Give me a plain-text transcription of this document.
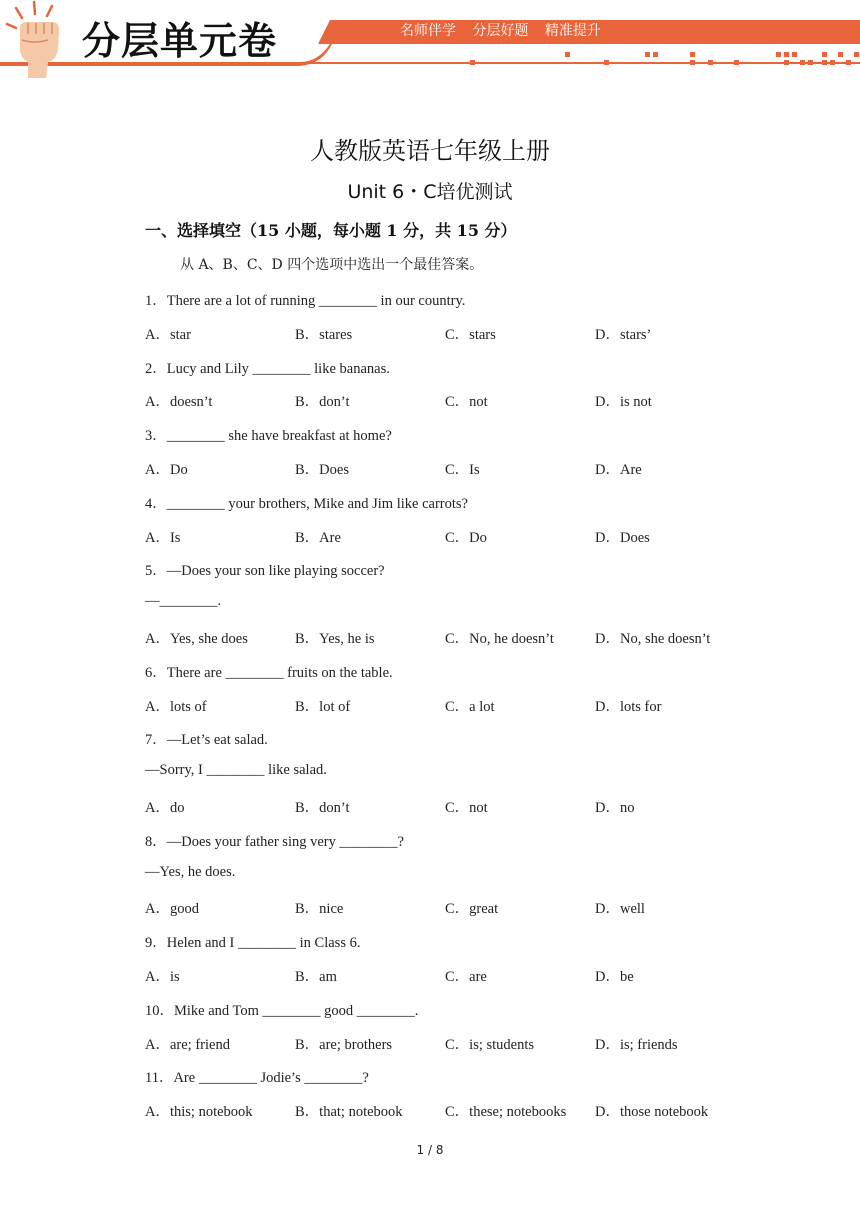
分层单元卷	名师伴学 分层好题 精准提升
人教版英语七年级上册
Unit 6・C培优测试
一、选择填空（15 小题，每小题 1 分，共 15 分）
从 A、B、C、D 四个选项中选出一个最佳答案。
1．There are a lot of running ________ in our country.
A．star	B．stares	C．stars	D．stars’
2．Lucy and Lily ________ like bananas.
A．doesn’t	B．don’t	C．not	D．is not
3．________ she have breakfast at home?
A．Do	B．Does	C．Is	D．Are
4．________ your brothers, Mike and Jim like carrots?
A．Is	B．Are	C．Do	D．Does
5．—Does your son like playing soccer?
—________.
A．Yes, she does	B．Yes, he is	C．No, he doesn’t	D．No, she doesn’t
6．There are ________ fruits on the table.
A．lots of	B．lot of	C．a lot	D．lots for
7．—Let’s eat salad.
—Sorry, I ________ like salad.
A．do	B．don’t	C．not	D．no
8．—Does your father sing very ________?
—Yes, he does.
A．good	B．nice	C．great	D．well
9．Helen and I ________ in Class 6.
A．is	B．am	C．are	D．be
10．Mike and Tom ________ good ________.
A．are; friend	B．are; brothers	C．is; students	D．is; friends
11．Are ________ Jodie’s ________?
A．this; notebook	B．that; notebook	C．these; notebooks D．those notebook
1 / 8
